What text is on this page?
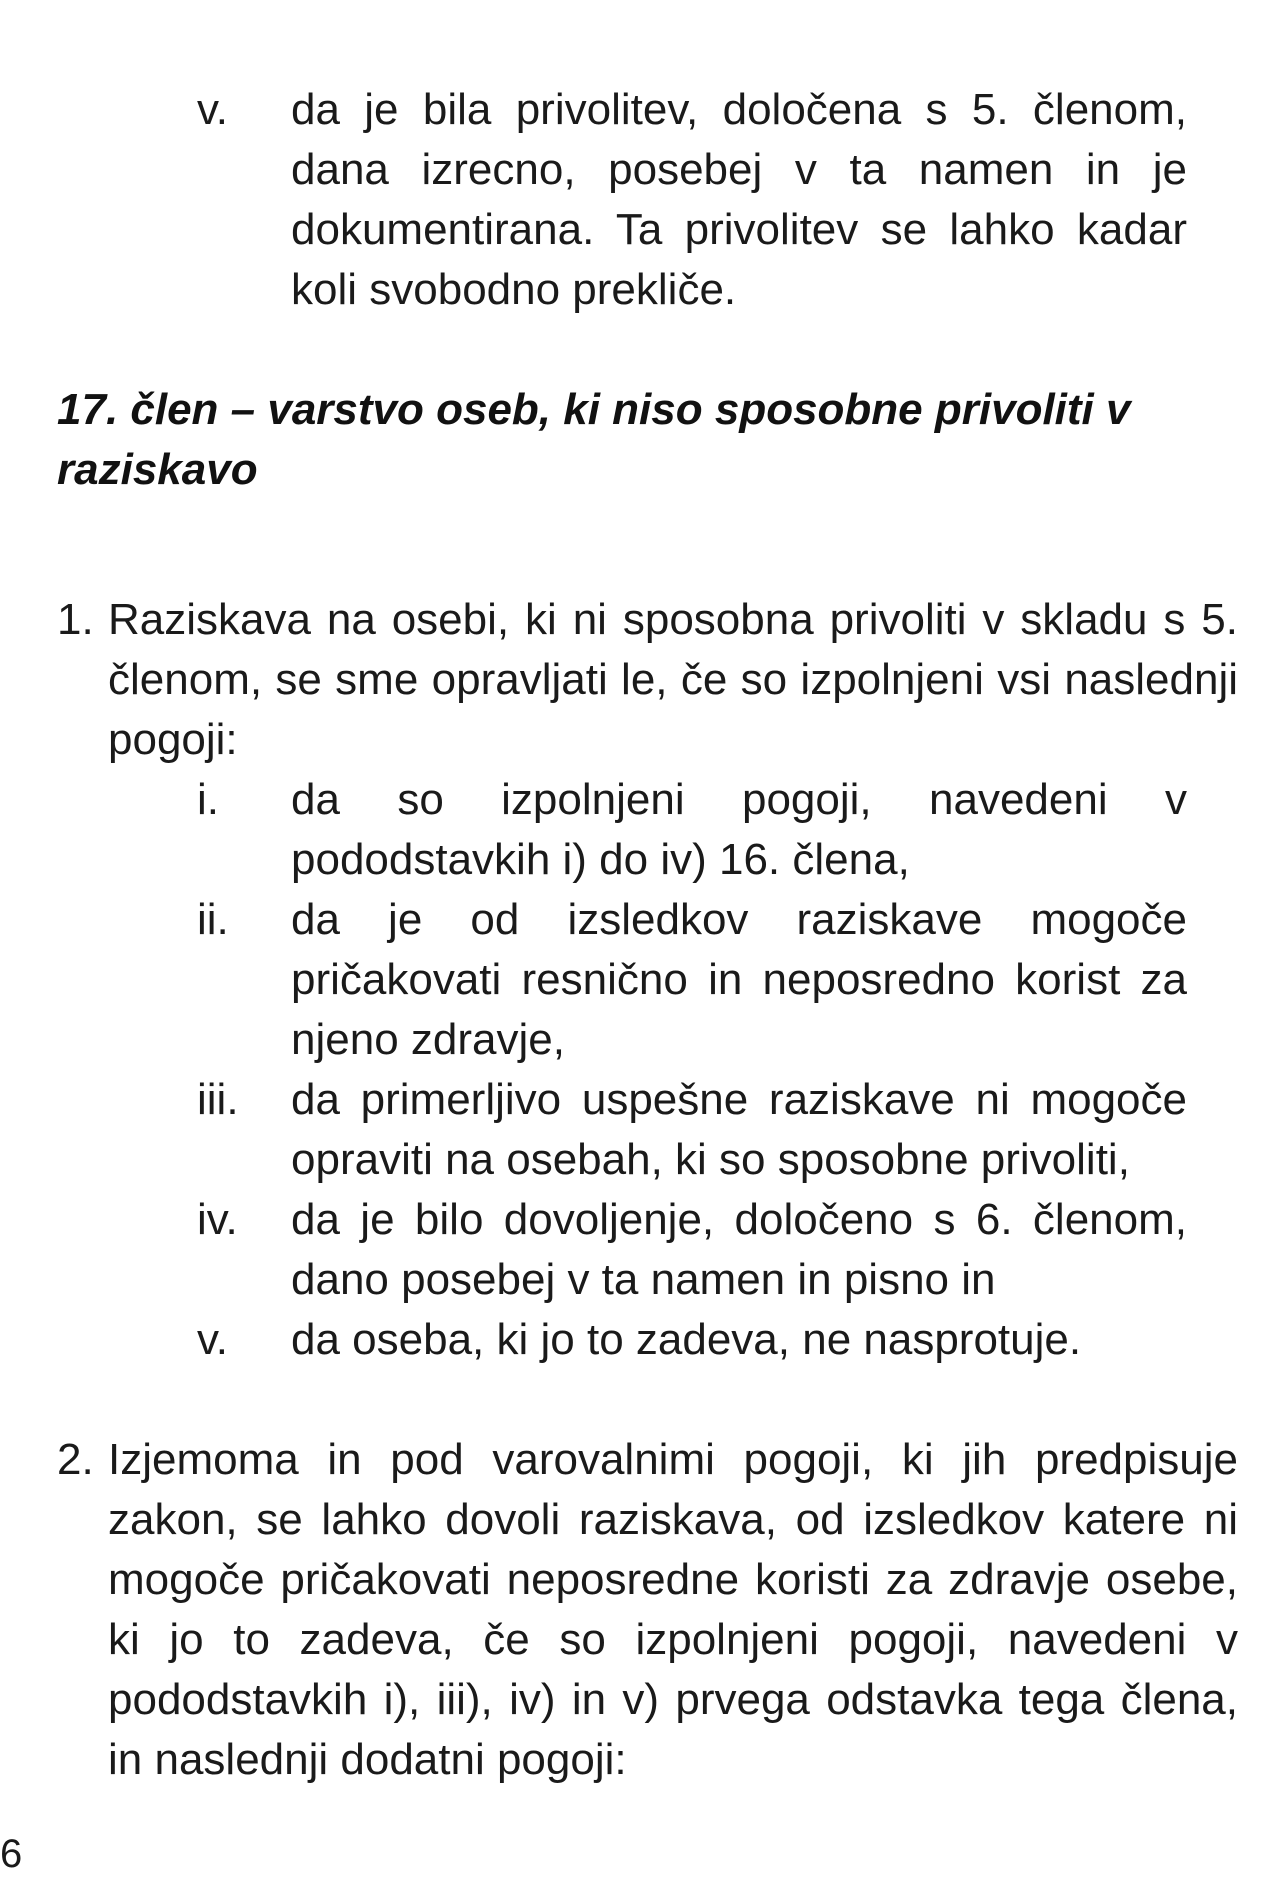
v. da je bila privolitev, določena s 5. členom, dana izrecno, posebej v ta namen in je dokumentirana. Ta privolitev se lahko kadar koli svobodno prekliče.
17. člen – varstvo oseb, ki niso sposobne privoliti v raziskavo
1. Raziskava na osebi, ki ni sposobna privoliti v skladu s 5. členom, se sme opravljati le, če so izpolnjeni vsi naslednji pogoji:
i. da so izpolnjeni pogoji, navedeni v pododstavkih i) do iv) 16. člena,
ii. da je od izsledkov raziskave mogoče pričakovati resnično in neposredno korist za njeno zdravje,
iii. da primerljivo uspešne raziskave ni mogoče opraviti na osebah, ki so sposobne privoliti,
iv. da je bilo dovoljenje, določeno s 6. členom, dano posebej v ta namen in pisno in
v. da oseba, ki jo to zadeva, ne nasprotuje.
2. Izjemoma in pod varovalnimi pogoji, ki jih predpisuje zakon, se lahko dovoli raziskava, od izsledkov katere ni mogoče pričakovati neposredne koristi za zdravje osebe, ki jo to zadeva, če so izpolnjeni pogoji, navedeni v pododstavkih i), iii), iv) in v) prvega odstavka tega člena, in naslednji dodatni pogoji:
6
